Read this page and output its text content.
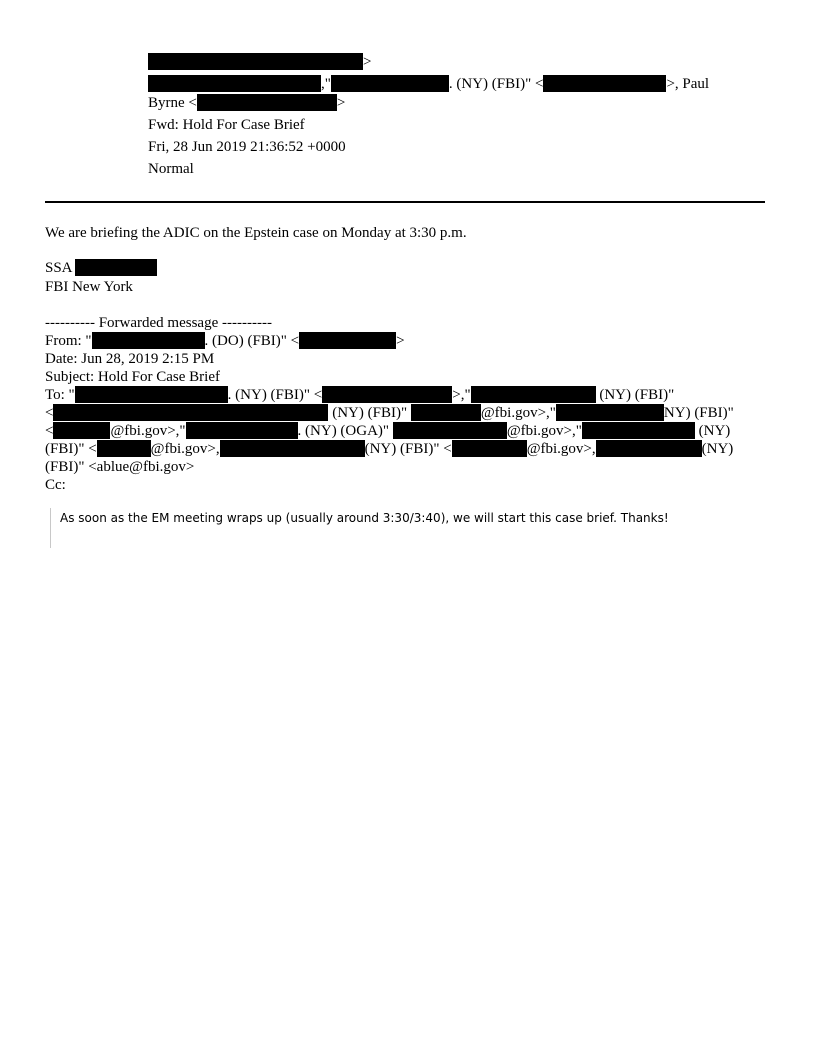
>
,"	. (NY) (FBI)" <	>, Paul
Byrne <	>
Fwd: Hold For Case Brief
Fri, 28 Jun 2019 21:36:52 +0000
Normal
We are briefing the ADIC on the Epstein case on Monday at 3:30 p.m.
SSA
FBI New York
---------- Forwarded message ----------
From: "	. (DO) (FBI)" <	>
Date: Jun 28, 2019 2:15 PM
Subject: Hold For Case Brief
To: "	. (NY) (FBI)" <	>,"	(NY) (FBI)"
<	(NY) (FBI)"	@fbi.gov>,"	NY) (FBI)"
<	@fbi.gov>,"	. (NY) (OGA)"	@fbi.gov>,"	(NY)
(FBI)" <	@fbi.gov>,	(NY) (FBI)" <	@fbi.gov>,	(NY)
(FBI)" <ablue@fbi.gov>
Cc:
As soon as the EM meeting wraps up (usually around 3:30/3:40), we will start this case brief. Thanks!
